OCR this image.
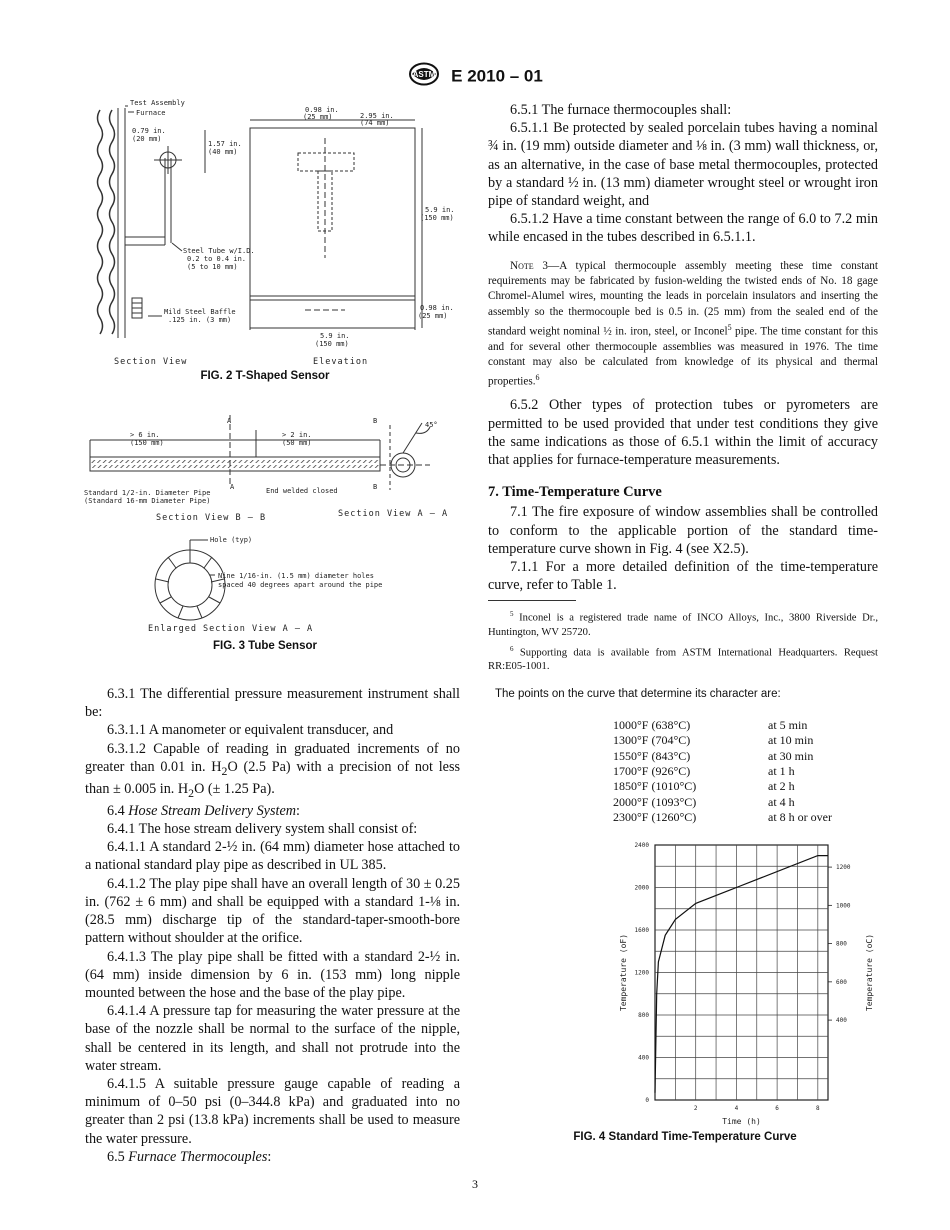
ASTM E 2010 – 01
Test Assembly
Furnace
0.79 in.
(20 mm)
1.57 in.
(40 mm)
0.98 in.
(25 mm)	2.95 in.
(74 mm)
5.9 in.
(150 mm)
Steel Tube w/I.D.
0.2 to 0.4 in.
(5 to 10 mm)
Mild Steel Baffle
.125 in. (3 mm)
0.98 in.
(25 mm)
5.9 in.
(150 mm)
Section View	Elevation
FIG. 2 T-Shaped Sensor
> 6 in.
(150 mm)
> 2 in.
(50 mm)
End welded closed
Standard 1/2-in. Diameter Pipe
(Standard 16-mm Diameter Pipe)
A
A
B
B
45°
Section View B — B	Section View A — A
Hole (typ)
Nine 1/16-in. (1.5 mm) diameter holes
spaced 40 degrees apart around the pipe
Enlarged Section View A — A
FIG. 3 Tube Sensor

6.3.1 The differential pressure measurement instrument shall be:

6.3.1.1 A manometer or equivalent transducer, and

6.3.1.2 Capable of reading in graduated increments of no greater than 0.01 in. $H_2O$ (2.5 Pa) with a precision of not less than ± 0.005 in. $H_2O$ (± 1.25 Pa).

6.4 Hose Stream Delivery System:

6.4.1 The hose stream delivery system shall consist of:

6.4.1.1 A standard 2-½ in. (64 mm) diameter hose attached to a national standard play pipe as described in UL 385.

6.4.1.2 The play pipe shall have an overall length of 30 ± 0.25 in. (762 ± 6 mm) and shall be equipped with a standard 1-⅛ in. (28.5 mm) discharge tip of the standard-taper-smooth-bore pattern without shoulder at the orifice.

6.4.1.3 The play pipe shall be fitted with a standard 2-½ in. (64 mm) inside dimension by 6 in. (153 mm) long nipple mounted between the hose and the base of the play pipe.

6.4.1.4 A pressure tap for measuring the water pressure at the base of the nozzle shall be normal to the surface of the nipple, shall be centered in its length, and shall not protrude into the water stream.

6.4.1.5 A suitable pressure gauge capable of reading a minimum of 0–50 psi (0–344.8 kPa) and graduated into no greater than 2 psi (13.8 kPa) increments shall be used to measure the water pressure.

6.5 Furnace Thermocouples:

6.5.1 The furnace thermocouples shall:

6.5.1.1 Be protected by sealed porcelain tubes having a nominal ¾ in. (19 mm) outside diameter and ⅛ in. (3 mm) wall thickness, or, as an alternative, in the case of base metal thermocouples, protected by a standard ½ in. (13 mm) diameter wrought steel or wrought iron pipe of standard weight, and

6.5.1.2 Have a time constant between the range of 6.0 to 7.2 min while encased in the tubes described in 6.5.1.1.

Note 3—A typical thermocouple assembly meeting these time constant requirements may be fabricated by fusion-welding the twisted ends of No. 18 gage Chromel-Alumel wires, mounting the leads in porcelain insulators and inserting the assembly so the thermocouple bed is 0.5 in. (25 mm) from the sealed end of the standard weight nominal ½ in. iron, steel, or Inconel$^5$ pipe. The time constant for this and for several other thermocouple assemblies was measured in 1976. The time constant may also be calculated from knowledge of its physical and thermal properties.$^6$

6.5.2 Other types of protection tubes or pyrometers are permitted to be used provided that under test conditions they give the same indications as those of 6.5.1 within the limit of accuracy that applies for furnace-temperature measurements.

7. Time-Temperature Curve

7.1 The fire exposure of window assemblies shall be controlled to conform to the applicable portion of the standard time-temperature curve shown in Fig. 4 (see X2.5).

7.1.1 For a more detailed definition of the time-temperature curve, refer to Table 1.

$^5$ Inconel is a registered trade name of INCO Alloys, Inc., 3800 Riverside Dr., Huntington, WV 25720.

$^6$ Supporting data is available from ASTM International Headquarters. Request RR:E05-1001.

The points on the curve that determine its character are:
1000°F (638°C)	at 5 min
1300°F (704°C)	at 10 min
1550°F (843°C)	at 30 min
1700°F (926°C)	at 1 h
1850°F (1010°C)	at 2 h
2000°F (1093°C)	at 4 h
2300°F (1260°C)	at 8 h or over
0
400
800
1200
1600
2000
2400
400
600
800
1000
1200
2	4	6	8
Time (h)
Temperature (oF)	Temperature (oC)
FIG. 4 Standard Time-Temperature Curve
3
